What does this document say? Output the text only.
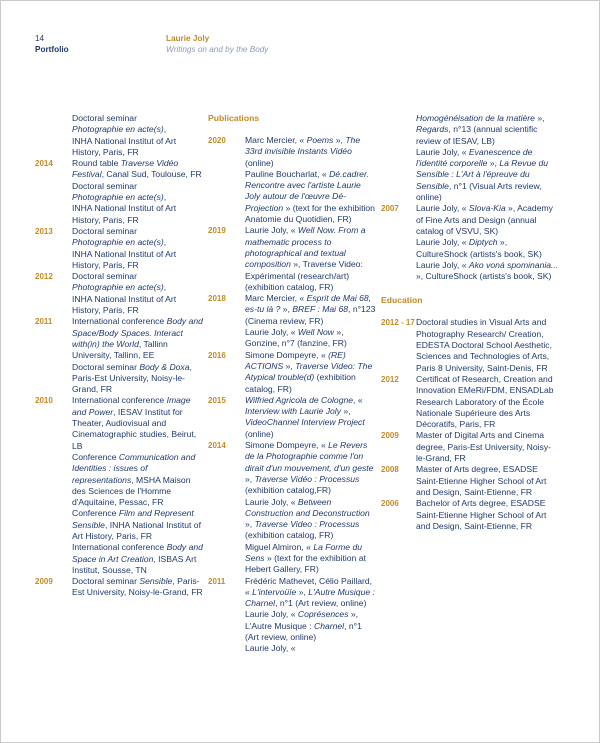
14
Portfolio
Laurie Joly
Writings on and by the Body
Doctoral seminar
Photographie en acte(s),
INHA National Institut of Art History, Paris, FR
2014 Round table Traverse Vidéo Festival, Canal Sud, Toulouse, FR
Doctoral seminar
Photographie en acte(s),
INHA National Institut of Art History, Paris, FR
2013 Doctoral seminar
Photographie en acte(s),
INHA National Institut of Art History, Paris, FR
2012 Doctoral seminar
Photographie en acte(s),
INHA National Institut of Art History, Paris, FR
2011 International conference Body and Space/Body Spaces. Interact with(in) the World, Tallinn University, Tallinn, EE
Doctoral seminar Body & Doxa, Paris-Est University, Noisy-le-Grand, FR
2010 International conference Image and Power, IESAV Institut for Theater, Audiovisual and Cinematographic studies, Beirut, LB
Conference Communication and Identities : issues of representations, MSHA Maison des Sciences de l'Homme d'Aquitaine, Pessac, FR
Conference Film and Represent Sensible, INHA National Institut of Art History, Paris, FR
International conference Body and Space in Art Creation, ISBAS Art Institut, Sousse, TN
2009 Doctoral seminar Sensible, Paris-Est University, Noisy-le-Grand, FR
Publications
2020 Marc Mercier, « Poems », The 33rd invisible Instants Vidéo (online)
Pauline Boucharlat, « Dé.cadrer. Rencontre avec l'artiste Laurie Joly autour de l'œuvre Dé-Projection » (text for the exhibition Anatomie du Quotidien, FR)
2019 Laurie Joly, « Well Now. From a mathematic process to photographical and textual composition », Traverse Video: Expérimental (research/art) (exhibition catalog, FR)
2018 Marc Mercier, « Esprit de Mai 68, es-tu là ? », BREF : Mai 68, n°123 (Cinema review, FR)
Laurie Joly, « Well Now », Gonzine, n°7 (fanzine, FR)
2016 Simone Dompeyre, « (RE) ACTIONS », Traverse Video: The Atypical trouble(d) (exhibition catalog, FR)
2015 Wilfried Agricola de Cologne, « Interview with Laurie Joly », VideoChannel Interview Project (online)
2014 Simone Dompeyre, « Le Revers de la Photographie comme l'on dirait d'un mouvement, d'un geste », Traverse Vidéo : Processus (exhibition catalog,FR)
Laurie Joly, « Between Construction and Deconstruction », Traverse Video : Processus (exhibition catalog, FR)
Miguel Almiron, « La Forme du Sens » (text for the exhibition at Hebert Gallery, FR)
2011 Frédéric Mathevet, Célio Paillard, « L'intervoüïe », L'Autre Musique : Charnel, n°1 (Art review, online)
Laurie Joly, « Coprésences », L'Autre Musique : Charnel, n°1 (Art review, online)
Laurie Joly, «
Homogénéisation de la matière », Regards, n°13 (annual scientific review of IESAV, LB)
Laurie Joly, « Evanescence de l'identité corporelle », La Revue du Sensible : L'Art à l'épreuve du Sensible, n°1 (Visual Arts review, online)
2007 Laurie Joly, « Slova-Kia », Academy of Fine Arts and Design (annual catalog of VSVU, SK)
Laurie Joly, « Diptych », CultureShock (artists's book, SK)
Laurie Joly, « Ako voná spominania... », CultureShock (artists's book, SK)
Education
2012 - 17 Doctoral studies in Visual Arts and Photography Research/ Creation, EDESTA Doctoral School Aesthetic, Sciences and Technologies of Arts, Paris 8 University, Saint-Denis, FR
2012 Certificat of Research, Creation and Innovation EMeRi/FDM, ENSADLab Research Laboratory of the École Nationale Supérieure des Arts Décoratifs, Paris, FR
2009 Master of Digital Arts and Cinema degree, Paris-Est University, Noisy-le-Grand, FR
2008 Master of Arts degree, ESADSE Saint-Etienne Higher School of Art and Design, Saint-Etienne, FR
2006 Bachelor of Arts degree, ESADSE Saint-Etienne Higher School of Art and Design, Saint-Etienne, FR
